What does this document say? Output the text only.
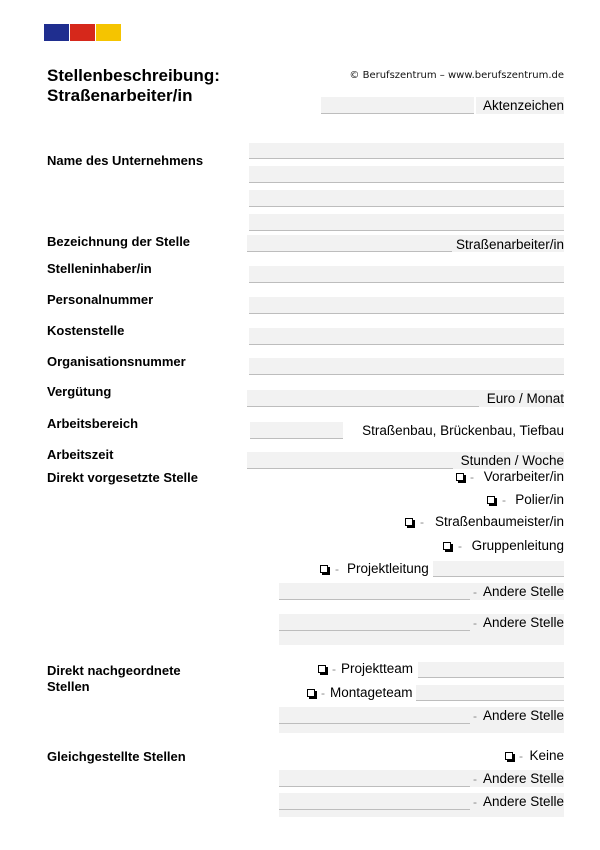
Stellenbeschreibung:
Straßenarbeiter/in
© Berufszentrum – www.berufszentrum.de
Aktenzeichen
Name des Unternehmens
Bezeichnung der Stelle	Straßenarbeiter/in
Stelleninhaber/in
Personalnummer
Kostenstelle
Organisationsnummer
Vergütung	Euro / Monat
Arbeitsbereich	Straßenbau, Brückenbau, Tiefbau
Arbeitszeit	Stunden / Woche
Direkt vorgesetzte Stelle	- Vorarbeiter/in
- Polier/in
- Straßenbaumeister/in
- Gruppenleitung
- Projektleitung
- Andere Stelle
- Andere Stelle
Direkt nachgeordnete
Stellen
- Projektteam
- Montageteam
- Andere Stelle
Gleichgestellte Stellen	- Keine
- Andere Stelle
- Andere Stelle
